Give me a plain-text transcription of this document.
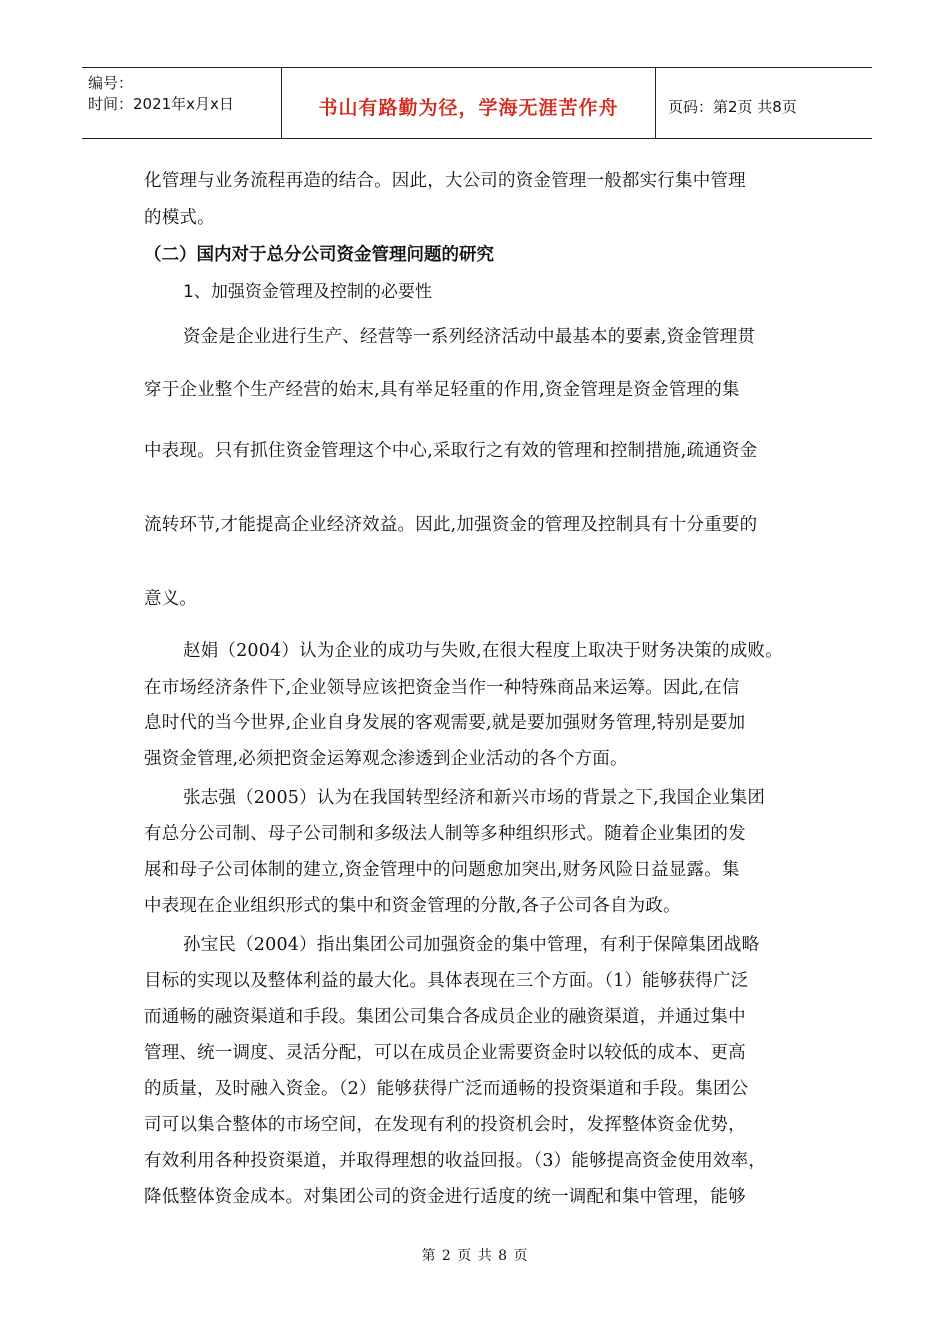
编号：
时间：2021年x月x日	书山有路勤为径，学海无涯苦作舟	页码：第2页 共8页
化管理与业务流程再造的结合。因此，大公司的资金管理一般都实行集中管理
的模式。
（二）国内对于总分公司资金管理问题的研究
1、加强资金管理及控制的必要性
资金是企业进行生产、经营等一系列经济活动中最基本的要素,资金管理贯
穿于企业整个生产经营的始末,具有举足轻重的作用,资金管理是资金管理的集
中表现。只有抓住资金管理这个中心,采取行之有效的管理和控制措施,疏通资金
流转环节,才能提高企业经济效益。因此,加强资金的管理及控制具有十分重要的
意义。
赵娟（2004）认为企业的成功与失败,在很大程度上取决于财务决策的成败。
在市场经济条件下,企业领导应该把资金当作一种特殊商品来运筹。因此,在信
息时代的当今世界,企业自身发展的客观需要,就是要加强财务管理,特别是要加
强资金管理,必须把资金运筹观念渗透到企业活动的各个方面。
张志强（2005）认为在我国转型经济和新兴市场的背景之下,我国企业集团
有总分公司制、母子公司制和多级法人制等多种组织形式。随着企业集团的发
展和母子公司体制的建立,资金管理中的问题愈加突出,财务风险日益显露。集
中表现在企业组织形式的集中和资金管理的分散,各子公司各自为政。
孙宝民（2004）指出集团公司加强资金的集中管理，有利于保障集团战略
目标的实现以及整体利益的最大化。具体表现在三个方面。（1）能够获得广泛
而通畅的融资渠道和手段。集团公司集合各成员企业的融资渠道，并通过集中
管理、统一调度、灵活分配，可以在成员企业需要资金时以较低的成本、更高
的质量，及时融入资金。（2）能够获得广泛而通畅的投资渠道和手段。集团公
司可以集合整体的市场空间，在发现有利的投资机会时，发挥整体资金优势，
有效利用各种投资渠道，并取得理想的收益回报。（3）能够提高资金使用效率，
降低整体资金成本。对集团公司的资金进行适度的统一调配和集中管理，能够
第 2 页 共 8 页
